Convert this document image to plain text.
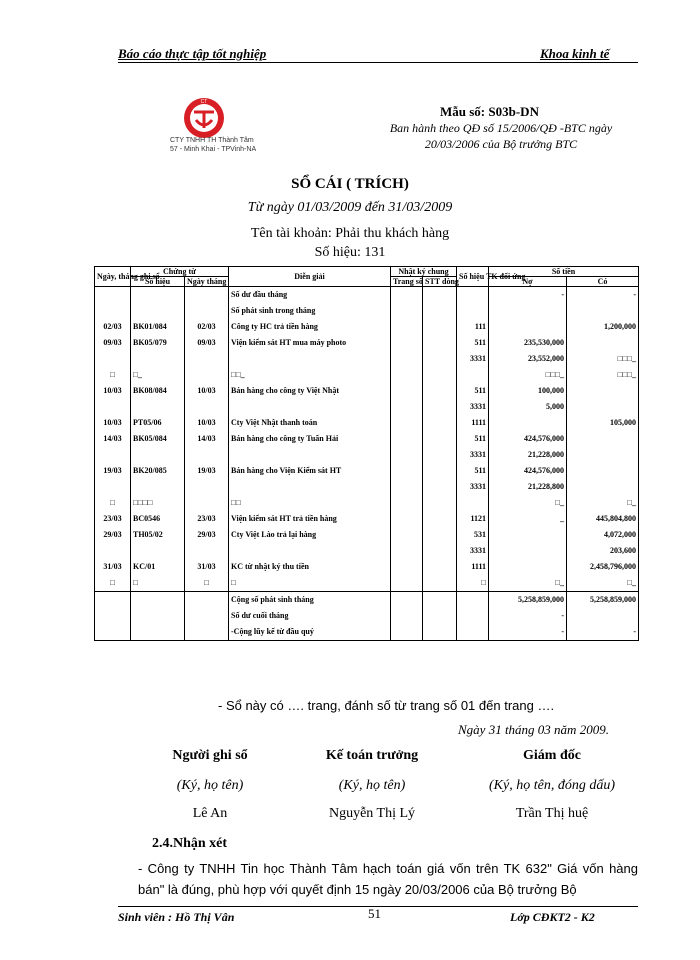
Báo cáo thực tập tốt nghiệp	Khoa kinh tế
CT
CTY TNHH TH Thành Tâm
57 - Minh Khai - TPVinh-NA
Mẫu số: S03b-DN
Ban hành theo QĐ số 15/2006/QĐ -BTC ngày
20/03/2006 của Bộ trưởng BTC
SỔ CÁI ( TRÍCH)
Từ ngày 01/03/2009 đến 31/03/2009
Tên tài khoản: Phải thu khách hàng
Số hiệu: 131
Ngày, tháng ghi sổ	Chứng từ		Diễn giải	Nhật ký chung		Số hiệu TK đối ứng	Số tiền	
	Số hiệu	Ngày tháng		Trang sổ	STT dòng		Nợ	Có
			Số dư đầu tháng				-	-
			Số phát sinh trong tháng					
02/03	BK01/084	02/03	Công ty HC trả tiền hàng			111		1,200,000
09/03	BK05/079	09/03	Viện kiểm sát HT mua máy photo			511	235,530,000	
						3331	23,552,000	□□□_
□	□_		□□_				□□□_	□□□_
10/03	BK08/084	10/03	Bán hàng cho công ty Việt Nhật			511	100,000	
						3331	5,000	
10/03	PT05/06	10/03	Cty Việt Nhật thanh toán			1111		105,000
14/03	BK05/084	14/03	Bán hàng cho công ty Tuấn Hải			511	424,576,000	
						3331	21,228,000	
19/03	BK20/085	19/03	Bán hàng cho Viện Kiểm sát HT			511	424,576,000	
						3331	21,228,800	
□	□□□□		□□				□_	□_
23/03	BC0546	23/03	Viện kiểm sát HT trả tiền hàng			1121	_	445,804,800
29/03	TH05/02	29/03	Cty Việt Lào trả lại hàng			531		4,072,000
						3331		203,600
31/03	KC/01	31/03	KC từ nhật ký thu tiền			1111		2,458,796,000
□	□	□	□			□	□_	□_
			Cộng số phát sinh tháng				5,258,859,000	5,258,859,000
			Số dư cuối tháng				-	
			-Cộng lũy kế từ đầu quý				-	-
- Sổ này có …. trang, đánh số từ trang số 01 đến trang ….
Ngày 31 tháng 03 năm 2009.
Người ghi sổ
(Ký, họ tên)
Lê An
Kế toán trưởng
(Ký, họ tên)
Nguyễn Thị Lý
Giám đốc
(Ký, họ tên, đóng dấu)
Trần Thị huệ
2.4.Nhận xét
- Công ty TNHH Tin học Thành Tâm hạch toán giá vốn trên TK 632" Giá vốn hàng bán" là đúng, phù hợp với quyết định 15 ngày 20/03/2006 của Bộ trưởng Bộ
Sinh viên : Hồ Thị Vân	51	Lớp CĐKT2 - K2
